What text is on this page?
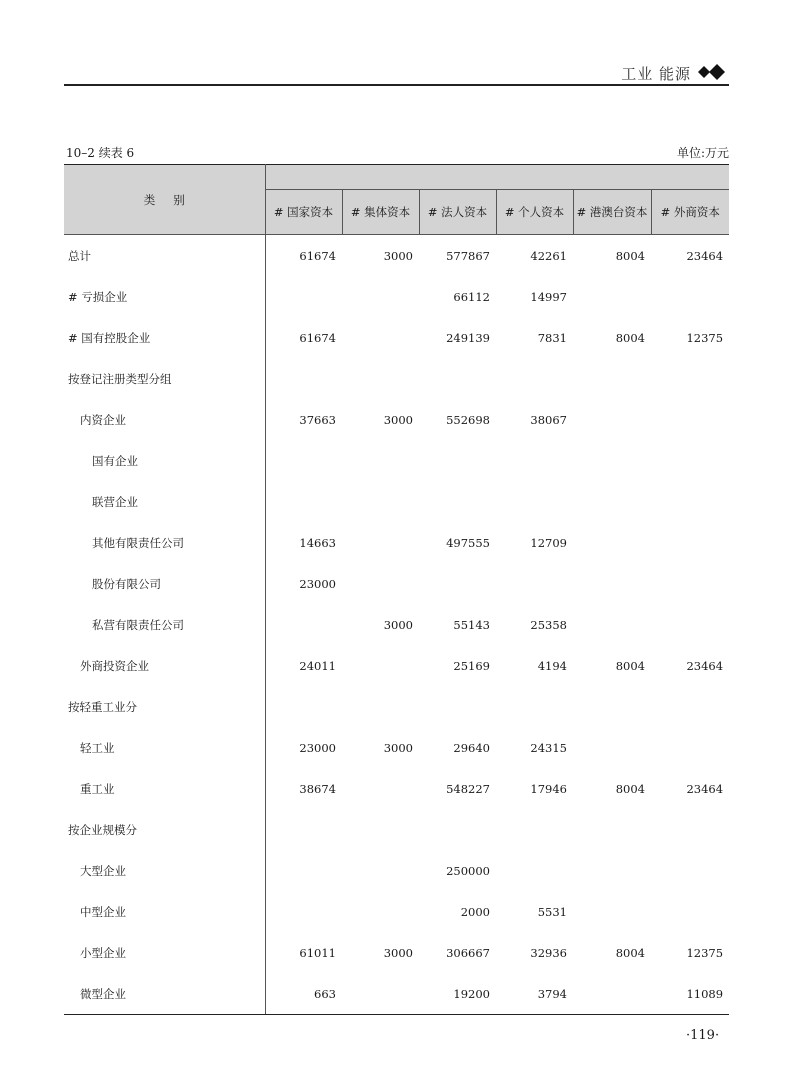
工业 能源
10–2 续表 6	单位:万元
类别						
	# 国家资本	# 集体资本	# 法人资本	# 个人资本	# 港澳台资本	# 外商资本
总计	61674	3000	577867	42261	8004	23464
# 亏损企业			66112	14997		
# 国有控股企业	61674		249139	7831	8004	12375
按登记注册类型分组						
内资企业	37663	3000	552698	38067		
国有企业						
联营企业						
其他有限责任公司	14663		497555	12709		
股份有限公司	23000					
私营有限责任公司		3000	55143	25358		
外商投资企业	24011		25169	4194	8004	23464
按轻重工业分						
轻工业	23000	3000	29640	24315		
重工业	38674		548227	17946	8004	23464
按企业规模分						
大型企业			250000			
中型企业			2000	5531		
小型企业	61011	3000	306667	32936	8004	12375
微型企业	663		19200	3794		11089
·119·
